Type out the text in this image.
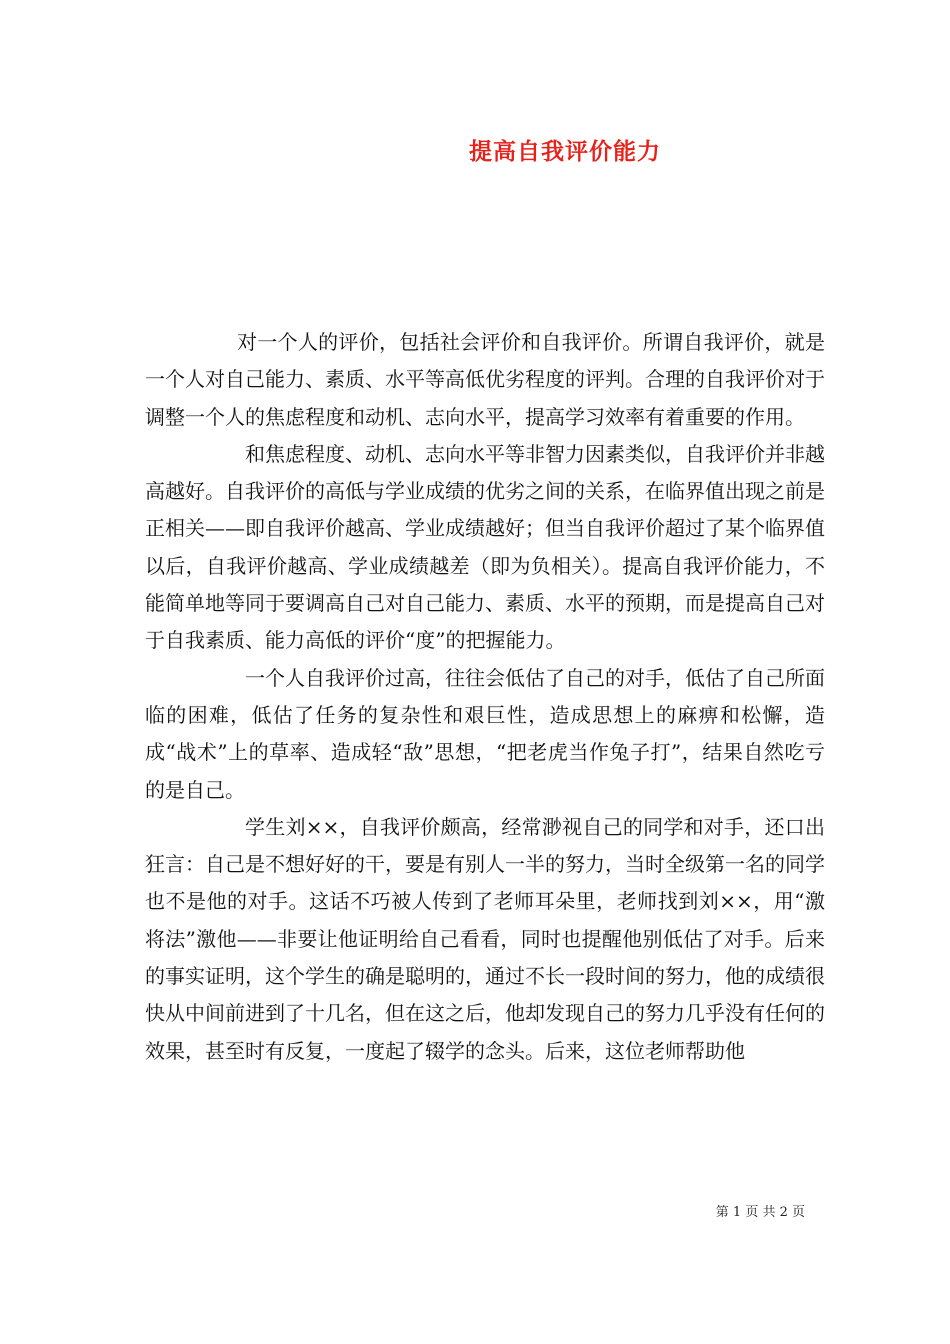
提高自我评价能力

对一个人的评价，包括社会评价和自我评价。所谓自我评价，就是一个人对自己能力、素质、水平等高低优劣程度的评判。合理的自我评价对于调整一个人的焦虑程度和动机、志向水平，提高学习效率有着重要的作用。

和焦虑程度、动机、志向水平等非智力因素类似，自我评价并非越高越好。自我评价的高低与学业成绩的优劣之间的关系，在临界值出现之前是正相关——即自我评价越高、学业成绩越好；但当自我评价超过了某个临界值以后，自我评价越高、学业成绩越差（即为负相关）。提高自我评价能力，不能简单地等同于要调高自己对自己能力、素质、水平的预期，而是提高自己对于自我素质、能力高低的评价“度”的把握能力。

一个人自我评价过高，往往会低估了自己的对手，低估了自己所面临的困难，低估了任务的复杂性和艰巨性，造成思想上的麻痹和松懈，造成“战术”上的草率、造成轻“敌”思想，“把老虎当作兔子打”，结果自然吃亏的是自己。

学生刘××，自我评价颇高，经常渺视自己的同学和对手，还口出狂言：自己是不想好好的干，要是有别人一半的努力，当时全级第一名的同学也不是他的对手。这话不巧被人传到了老师耳朵里，老师找到刘××，用“激将法”激他——非要让他证明给自己看看，同时也提醒他别低估了对手。后来的事实证明，这个学生的确是聪明的，通过不长一段时间的努力，他的成绩很快从中间前进到了十几名，但在这之后，他却发现自己的努力几乎没有任何的效果，甚至时有反复，一度起了辍学的念头。后来，这位老师帮助他

第 1 页 共 2 页
